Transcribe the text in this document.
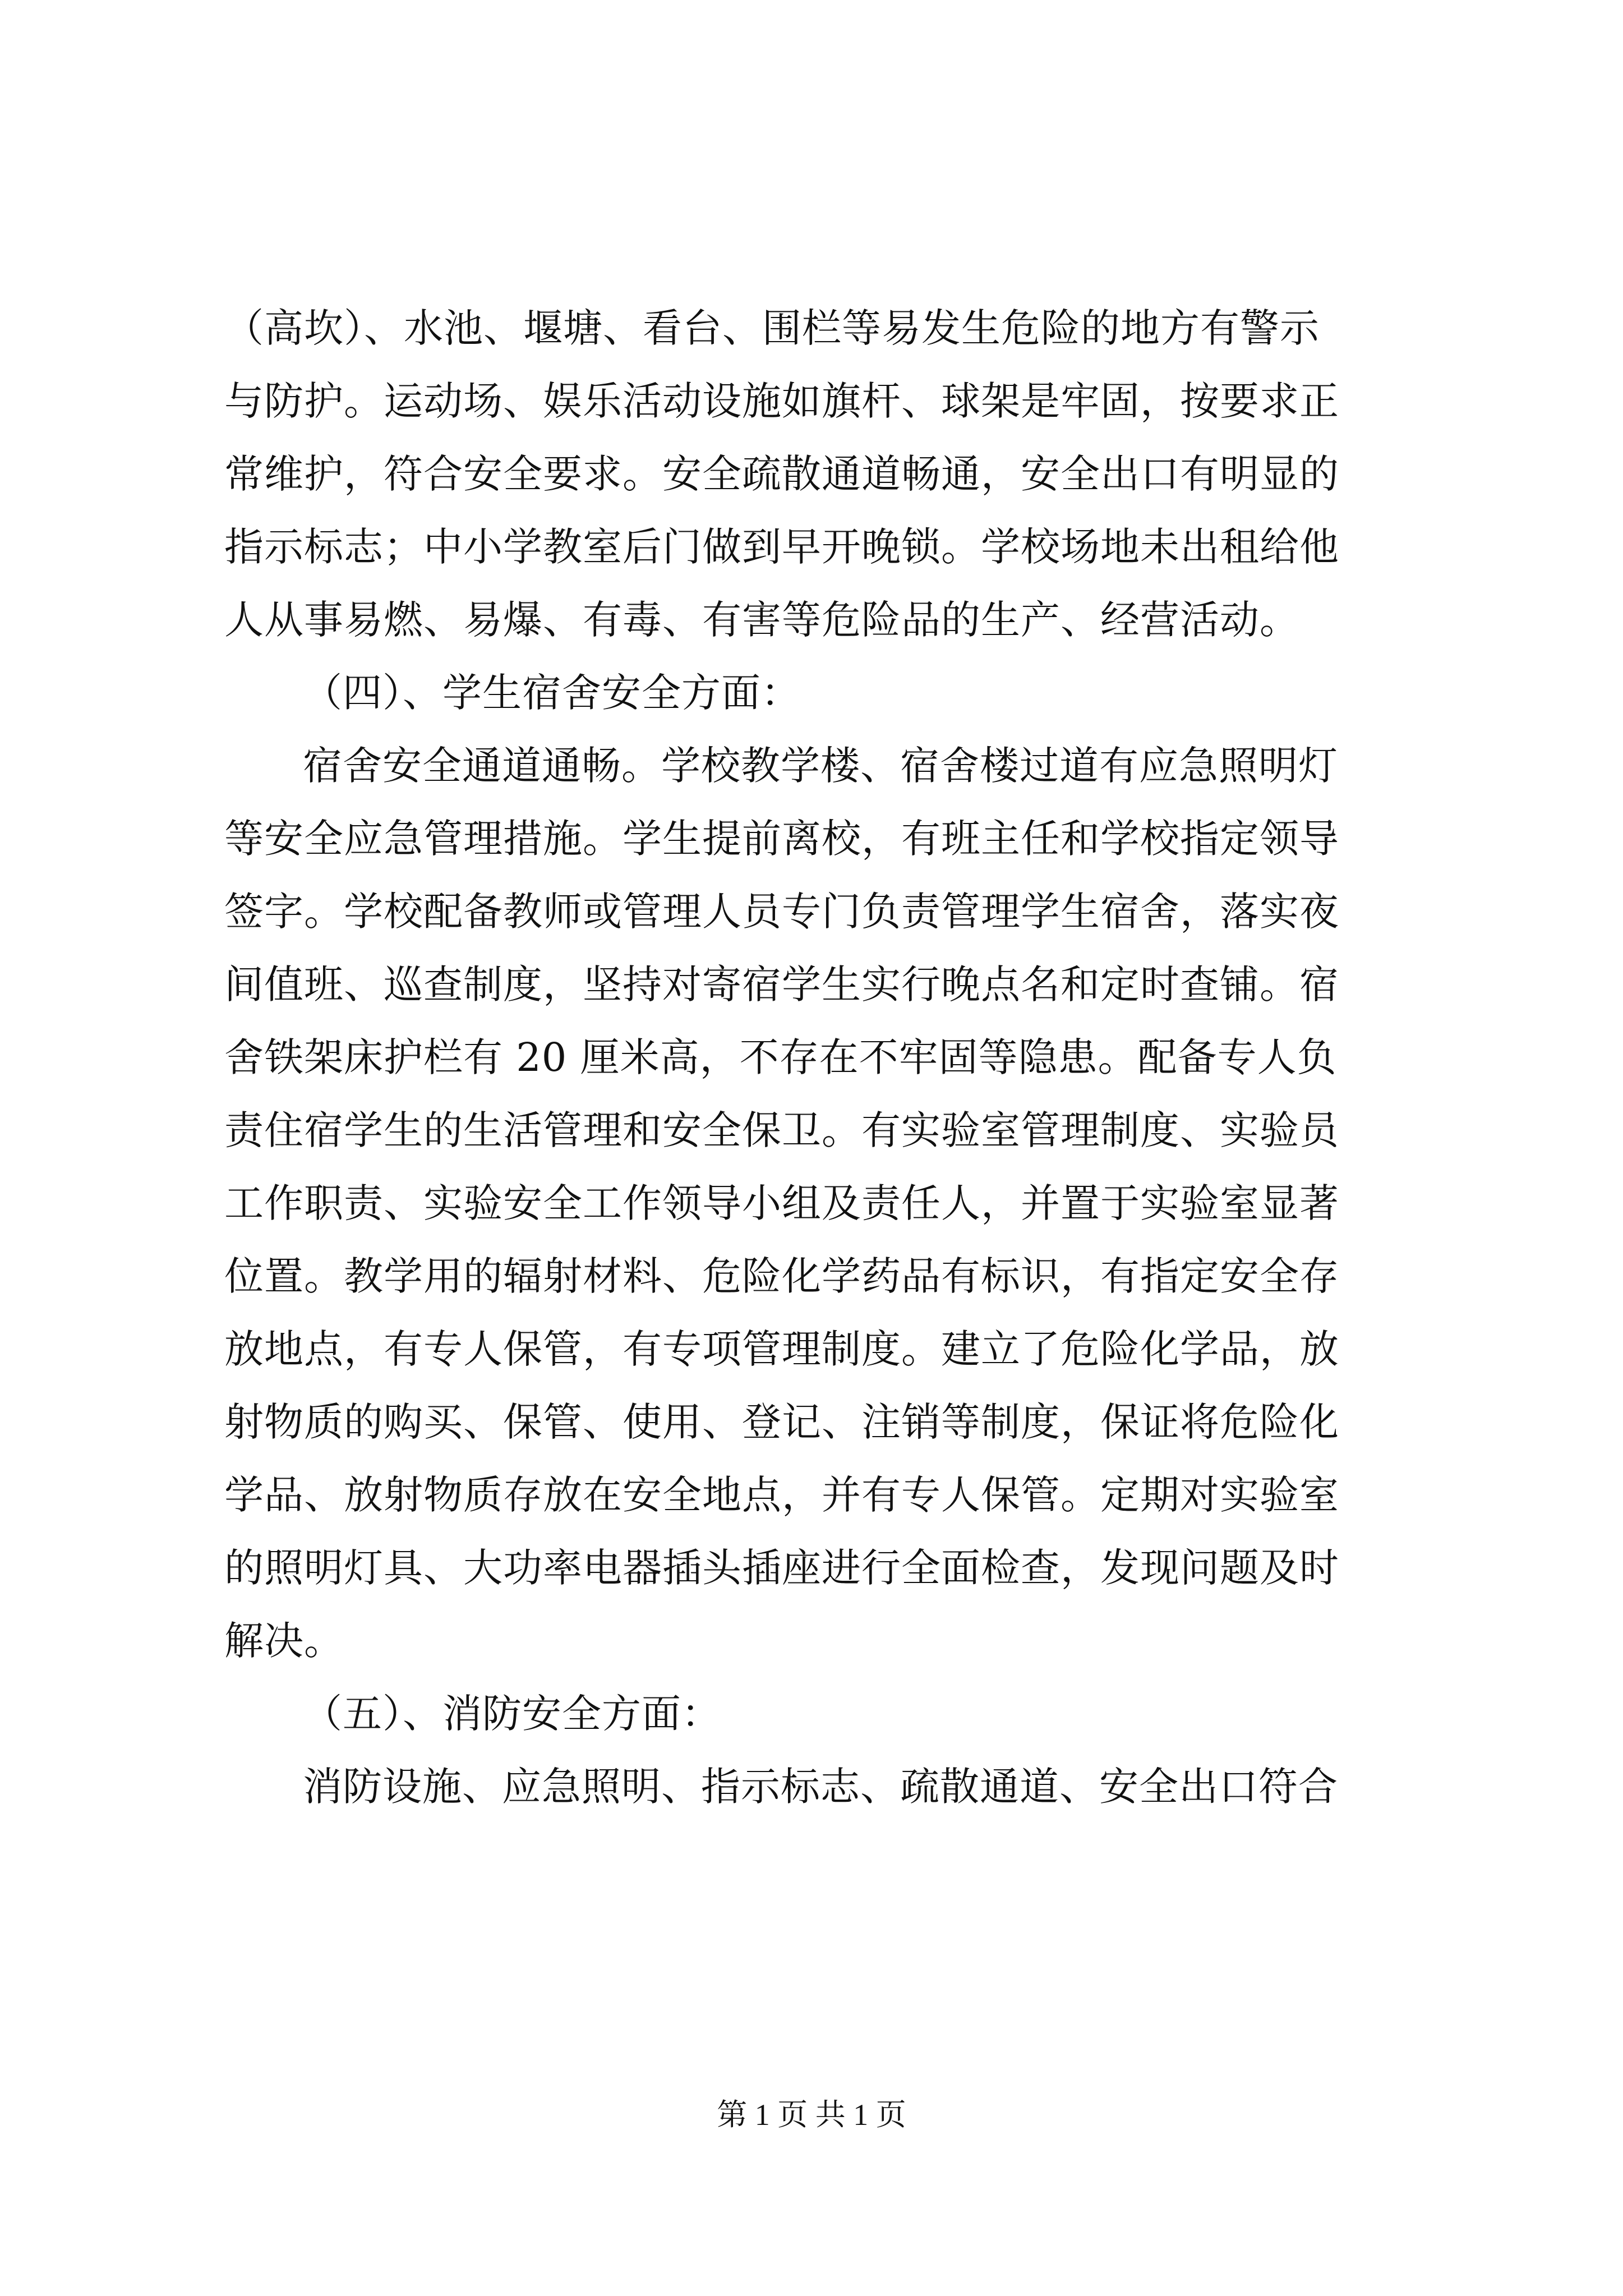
（高坎）、水池、堰塘、看台、围栏等易发生危险的地方有警示
与防护。运动场、娱乐活动设施如旗杆、球架是牢固，按要求正
常维护，符合安全要求。安全疏散通道畅通，安全出口有明显的
指示标志；中小学教室后门做到早开晚锁。学校场地未出租给他
人从事易燃、易爆、有毒、有害等危险品的生产、经营活动。
（四）、学生宿舍安全方面：
宿舍安全通道通畅。学校教学楼、宿舍楼过道有应急照明灯
等安全应急管理措施。学生提前离校，有班主任和学校指定领导
签字。学校配备教师或管理人员专门负责管理学生宿舍，落实夜
间值班、巡查制度，坚持对寄宿学生实行晚点名和定时查铺。宿
舍铁架床护栏有 20 厘米高，不存在不牢固等隐患。配备专人负
责住宿学生的生活管理和安全保卫。有实验室管理制度、实验员
工作职责、实验安全工作领导小组及责任人，并置于实验室显著
位置。教学用的辐射材料、危险化学药品有标识，有指定安全存
放地点，有专人保管，有专项管理制度。建立了危险化学品，放
射物质的购买、保管、使用、登记、注销等制度，保证将危险化
学品、放射物质存放在安全地点，并有专人保管。定期对实验室
的照明灯具、大功率电器插头插座进行全面检查，发现问题及时
解决。
（五）、消防安全方面：
消防设施、应急照明、指示标志、疏散通道、安全出口符合
第 1 页 共 1 页
